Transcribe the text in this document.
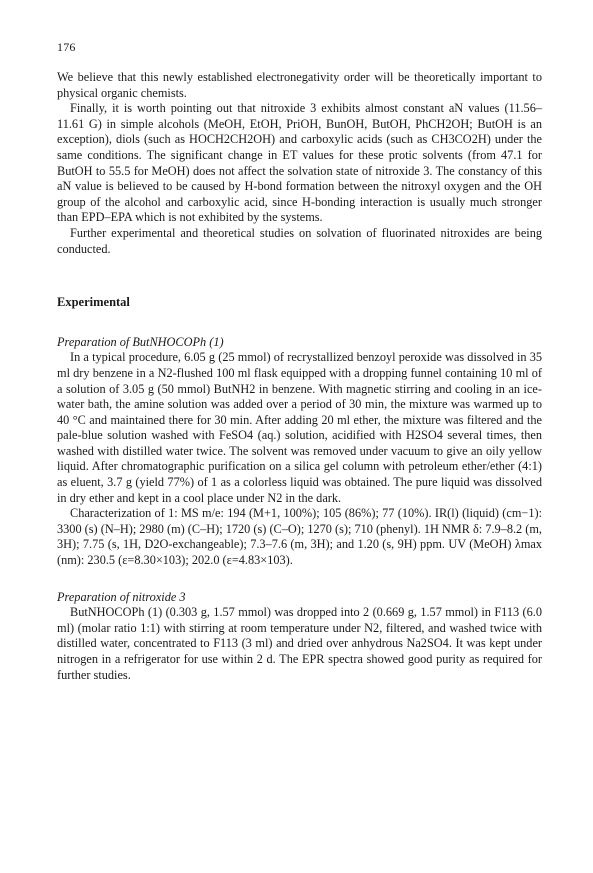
176

We believe that this newly established electronegativity order will be theoretically important to physical organic chemists.

Finally, it is worth pointing out that nitroxide 3 exhibits almost constant aN values (11.56–11.61 G) in simple alcohols (MeOH, EtOH, PriOH, BunOH, ButOH, PhCH2OH; ButOH is an exception), diols (such as HOCH2CH2OH) and carboxylic acids (such as CH3CO2H) under the same conditions. The significant change in ET values for these protic solvents (from 47.1 for ButOH to 55.5 for MeOH) does not affect the solvation state of nitroxide 3. The constancy of this aN value is believed to be caused by H-bond formation between the nitroxyl oxygen and the OH group of the alcohol and carboxylic acid, since H-bonding interaction is usually much stronger than EPD–EPA which is not exhibited by the systems.

Further experimental and theoretical studies on solvation of fluorinated nitroxides are being conducted.

Experimental

Preparation of ButNHOCOPh (1)

In a typical procedure, 6.05 g (25 mmol) of recrystallized benzoyl peroxide was dissolved in 35 ml dry benzene in a N2-flushed 100 ml flask equipped with a dropping funnel containing 10 ml of a solution of 3.05 g (50 mmol) ButNH2 in benzene. With magnetic stirring and cooling in an ice-water bath, the amine solution was added over a period of 30 min, the mixture was warmed up to 40 °C and maintained there for 30 min. After adding 20 ml ether, the mixture was filtered and the pale-blue solution washed with FeSO4 (aq.) solution, acidified with H2SO4 several times, then washed with distilled water twice. The solvent was removed under vacuum to give an oily yellow liquid. After chromatographic purification on a silica gel column with petroleum ether/ether (4:1) as eluent, 3.7 g (yield 77%) of 1 as a colorless liquid was obtained. The pure liquid was dissolved in dry ether and kept in a cool place under N2 in the dark.

Characterization of 1: MS m/e: 194 (M+1, 100%); 105 (86%); 77 (10%). IR(l) (liquid) (cm−1): 3300 (s) (N–H); 2980 (m) (C–H); 1720 (s) (C–O); 1270 (s); 710 (phenyl). 1H NMR δ: 7.9–8.2 (m, 3H); 7.75 (s, 1H, D2O-exchangeable); 7.3–7.6 (m, 3H); and 1.20 (s, 9H) ppm. UV (MeOH) λmax (nm): 230.5 (ε=8.30×103); 202.0 (ε=4.83×103).

Preparation of nitroxide 3

ButNHOCOPh (1) (0.303 g, 1.57 mmol) was dropped into 2 (0.669 g, 1.57 mmol) in F113 (6.0 ml) (molar ratio 1:1) with stirring at room temperature under N2, filtered, and washed twice with distilled water, concentrated to F113 (3 ml) and dried over anhydrous Na2SO4. It was kept under nitrogen in a refrigerator for use within 2 d. The EPR spectra showed good purity as required for further studies.
